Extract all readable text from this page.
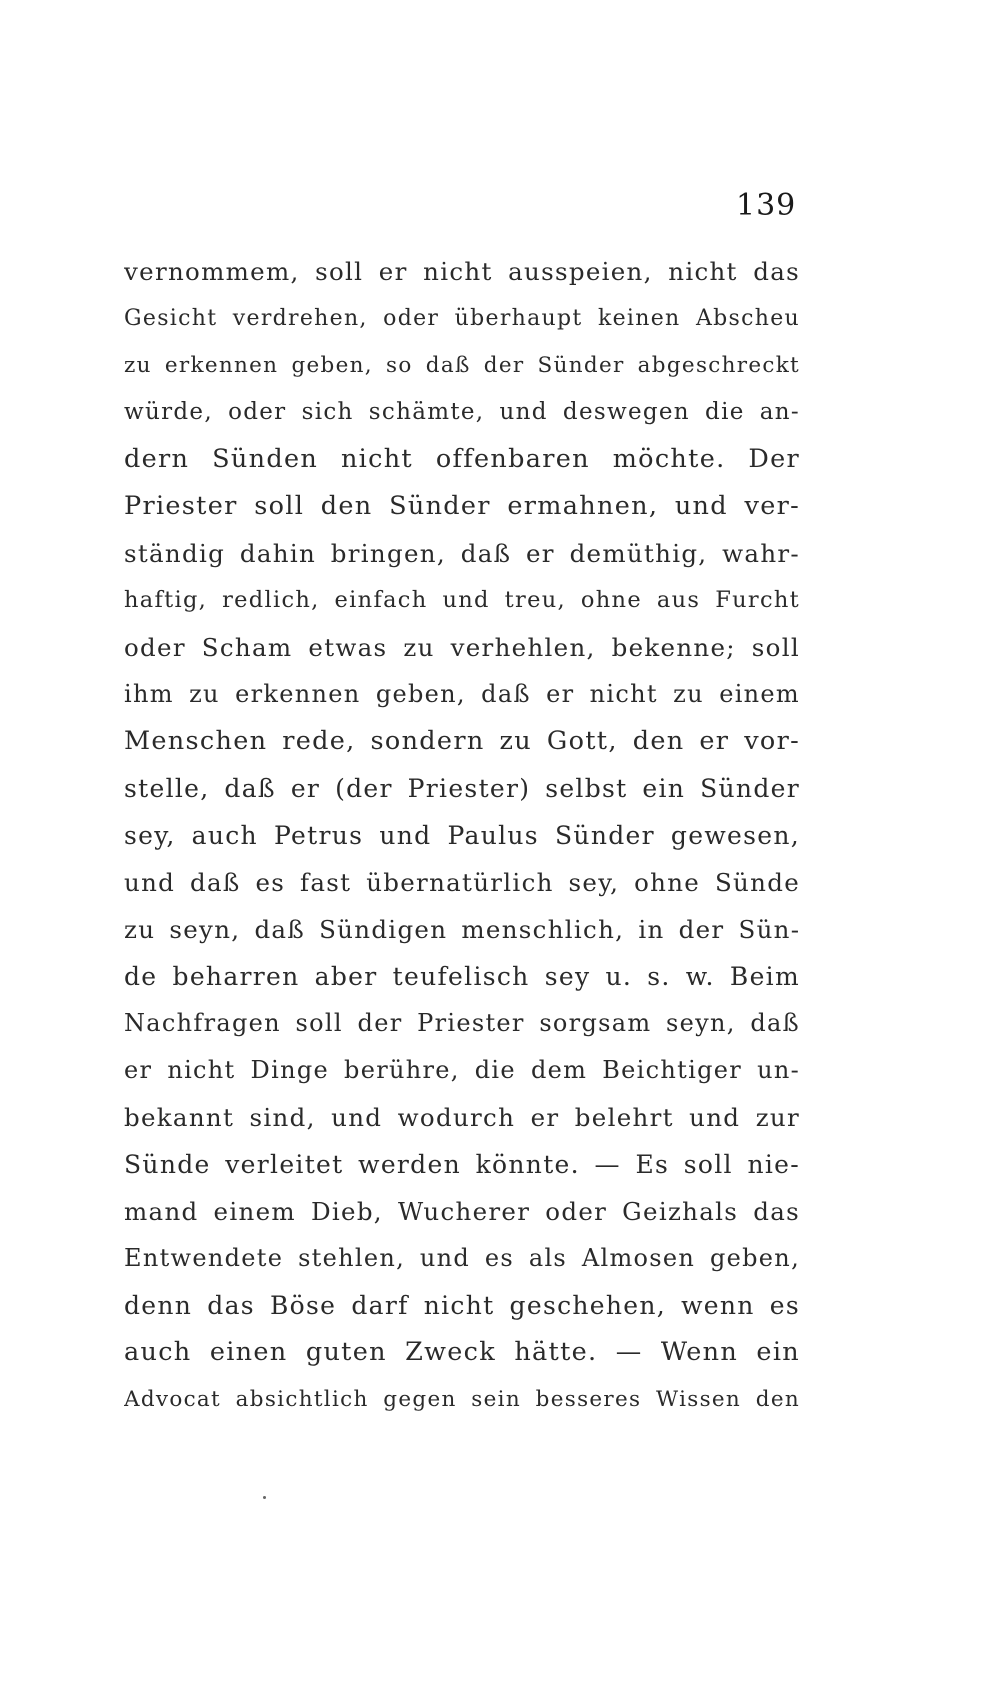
139
vernommem, soll er nicht ausspeien, nicht das
Gesicht verdrehen, oder überhaupt keinen Abscheu
zu erkennen geben, so daß der Sünder abgeschreckt
würde, oder sich schämte, und deswegen die an-
dern Sünden nicht offenbaren möchte. Der
Priester soll den Sünder ermahnen, und ver-
ständig dahin bringen, daß er demüthig, wahr-
haftig, redlich, einfach und treu, ohne aus Furcht
oder Scham etwas zu verhehlen, bekenne; soll
ihm zu erkennen geben, daß er nicht zu einem
Menschen rede, sondern zu Gott, den er vor-
stelle, daß er (der Priester) selbst ein Sünder
sey, auch Petrus und Paulus Sünder gewesen,
und daß es fast übernatürlich sey, ohne Sünde
zu seyn, daß Sündigen menschlich, in der Sün-
de beharren aber teufelisch sey u. s. w. Beim
Nachfragen soll der Priester sorgsam seyn, daß
er nicht Dinge berühre, die dem Beichtiger un-
bekannt sind, und wodurch er belehrt und zur
Sünde verleitet werden könnte. — Es soll nie-
mand einem Dieb, Wucherer oder Geizhals das
Entwendete stehlen, und es als Almosen geben,
denn das Böse darf nicht geschehen, wenn es
auch einen guten Zweck hätte. — Wenn ein
Advocat absichtlich gegen sein besseres Wissen den
